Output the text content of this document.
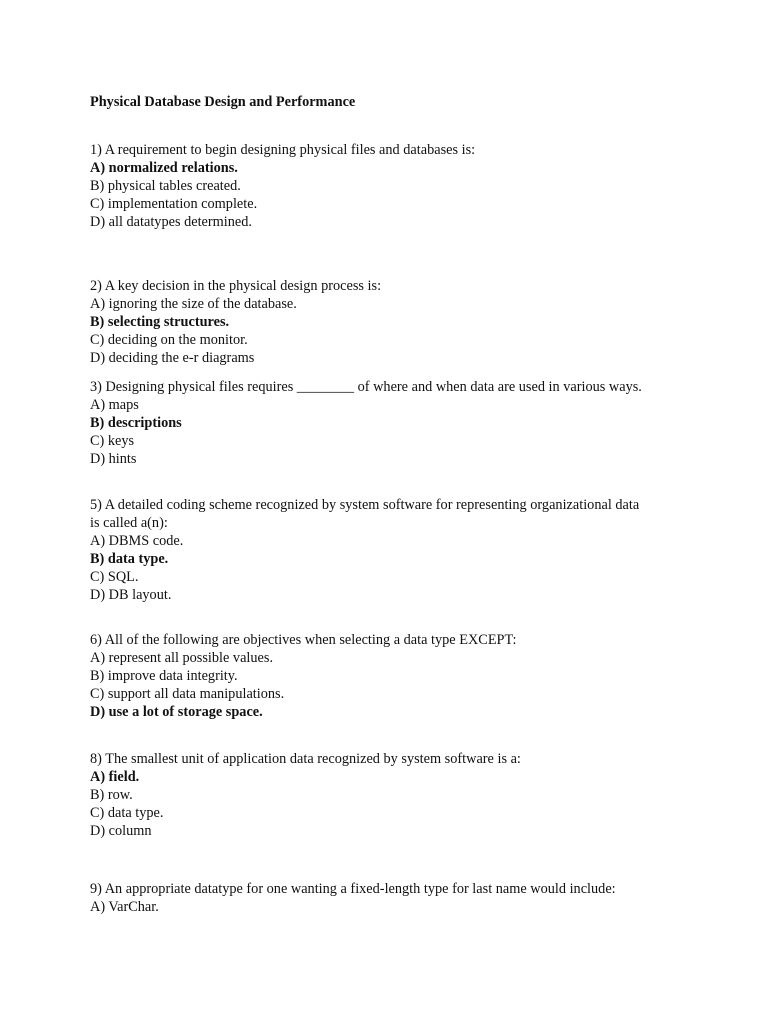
Physical Database Design and Performance
1) A requirement to begin designing physical files and databases is:
A) normalized relations.
B) physical tables created.
C) implementation complete.
D) all datatypes determined.
2) A key decision in the physical design process is:
A) ignoring the size of the database.
B) selecting structures.
C) deciding on the monitor.
D) deciding the e-r diagrams
3) Designing physical files requires ________ of where and when data are used in various ways.
A) maps
B) descriptions
C) keys
D) hints
5) A detailed coding scheme recognized by system software for representing organizational data
is called a(n):
A) DBMS code.
B) data type.
C) SQL.
D) DB layout.
6) All of the following are objectives when selecting a data type EXCEPT:
A) represent all possible values.
B) improve data integrity.
C) support all data manipulations.
D) use a lot of storage space.
8) The smallest unit of application data recognized by system software is a:
A) field.
B) row.
C) data type.
D) column
9) An appropriate datatype for one wanting a fixed-length type for last name would include:
A) VarChar.
